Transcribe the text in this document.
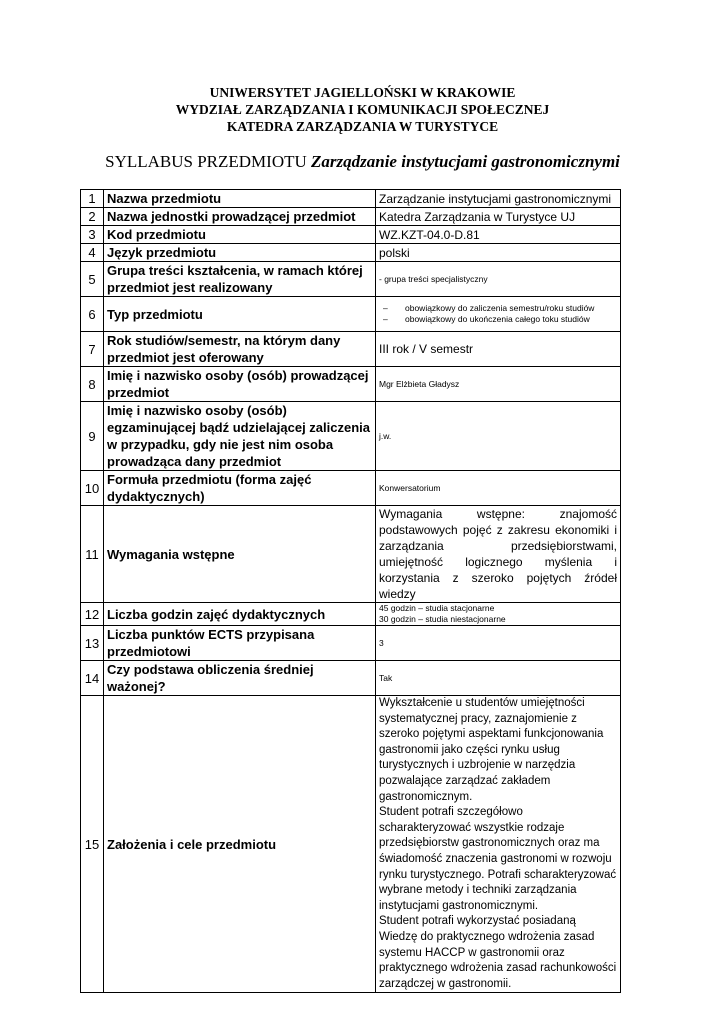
UNIWERSYTET JAGIELLOŃSKI W KRAKOWIE
WYDZIAŁ ZARZĄDZANIA I KOMUNIKACJI SPOŁECZNEJ
KATEDRA ZARZĄDZANIA W TURYSTYCE
SYLLABUS PRZEDMIOTU Zarządzanie instytucjami gastronomicznymi
1	Nazwa przedmiotu	Zarządzanie instytucjami gastronomicznymi
2	Nazwa jednostki prowadzącej przedmiot	Katedra Zarządzania w Turystyce UJ
3	Kod przedmiotu	WZ.KZT-04.0-D.81
4	Język przedmiotu	polski
5	Grupa treści kształcenia, w ramach której przedmiot jest realizowany	- grupa treści specjalistyczny
6	Typ przedmiotu	– obowiązkowy do zaliczenia semestru/roku studiów
– obowiązkowy do ukończenia całego toku studiów

7	Rok studiów/semestr, na którym dany przedmiot jest oferowany	III rok / V semestr
8	Imię i nazwisko osoby (osób) prowadzącej przedmiot	Mgr Elżbieta Gładysz
9	Imię i nazwisko osoby (osób) egzaminującej bądź udzielającej zaliczenia w przypadku, gdy nie jest nim osoba prowadząca dany przedmiot	j.w.
10	Formuła przedmiotu (forma zajęć dydaktycznych)	Konwersatorium
11	Wymagania wstępne	Wymagania wstępne: znajomość podstawowych pojęć z zakresu ekonomiki i zarządzania przedsiębiorstwami, umiejętność logicznego myślenia i korzystania z szeroko pojętych źródeł wiedzy
12	Liczba godzin zajęć dydaktycznych	45 godzin – studia stacjonarne
30 godzin – studia niestacjonarne

13	Liczba punktów ECTS przypisana przedmiotowi	3
14	Czy podstawa obliczenia średniej ważonej?	Tak
15	Założenia i cele przedmiotu	Wykształcenie u studentów umiejętności systematycznej pracy, zaznajomienie z szeroko pojętymi aspektami funkcjonowania gastronomii jako części rynku usług turystycznych i uzbrojenie w narzędzia pozwalające zarządzać zakładem gastronomicznym.
Student potrafi szczegółowo scharakteryzować wszystkie rodzaje przedsiębiorstw gastronomicznych oraz ma świadomość znaczenia gastronomi w rozwoju rynku turystycznego. Potrafi scharakteryzować wybrane metody i techniki zarządzania instytucjami gastronomicznymi.
Student potrafi wykorzystać posiadaną Wiedzę do praktycznego wdrożenia zasad systemu HACCP w gastronomii oraz praktycznego wdrożenia zasad rachunkowości zarządczej w gastronomii.
